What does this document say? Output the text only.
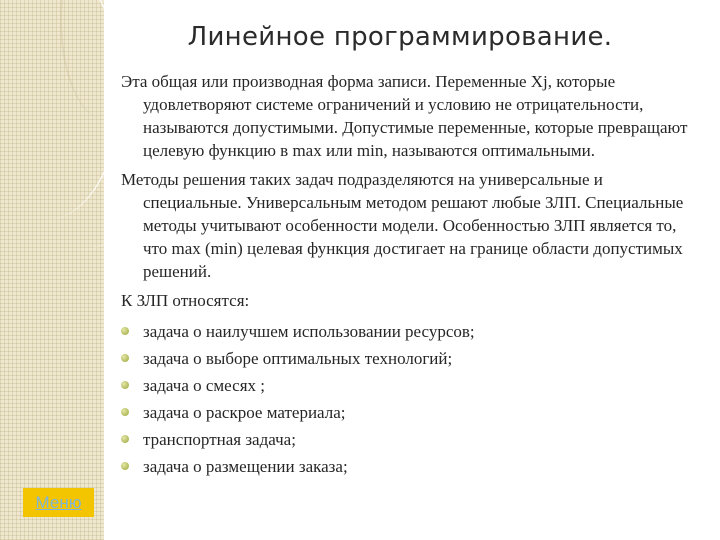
Линейное программирование.

Эта общая или производная форма записи. Переменные Xj, которые удовлетворяют системе ограничений и условию не отрицательности, называются допустимыми. Допустимые переменные, которые превращают целевую функцию в max или min, называются оптимальными.

Методы решения таких задач подразделяются на универсальные и специальные. Универсальным методом решают любые ЗЛП. Специальные методы учитывают особенности модели. Особенностью ЗЛП является то, что max (min) целевая функция достигает на границе области допустимых решений.

К ЗЛП относятся:

задача о наилучшем использовании ресурсов;
задача о выборе оптимальных технологий;
задача о смесях ;
задача о раскрое материала;
транспортная задача;
задача о размещении заказа;
Меню
